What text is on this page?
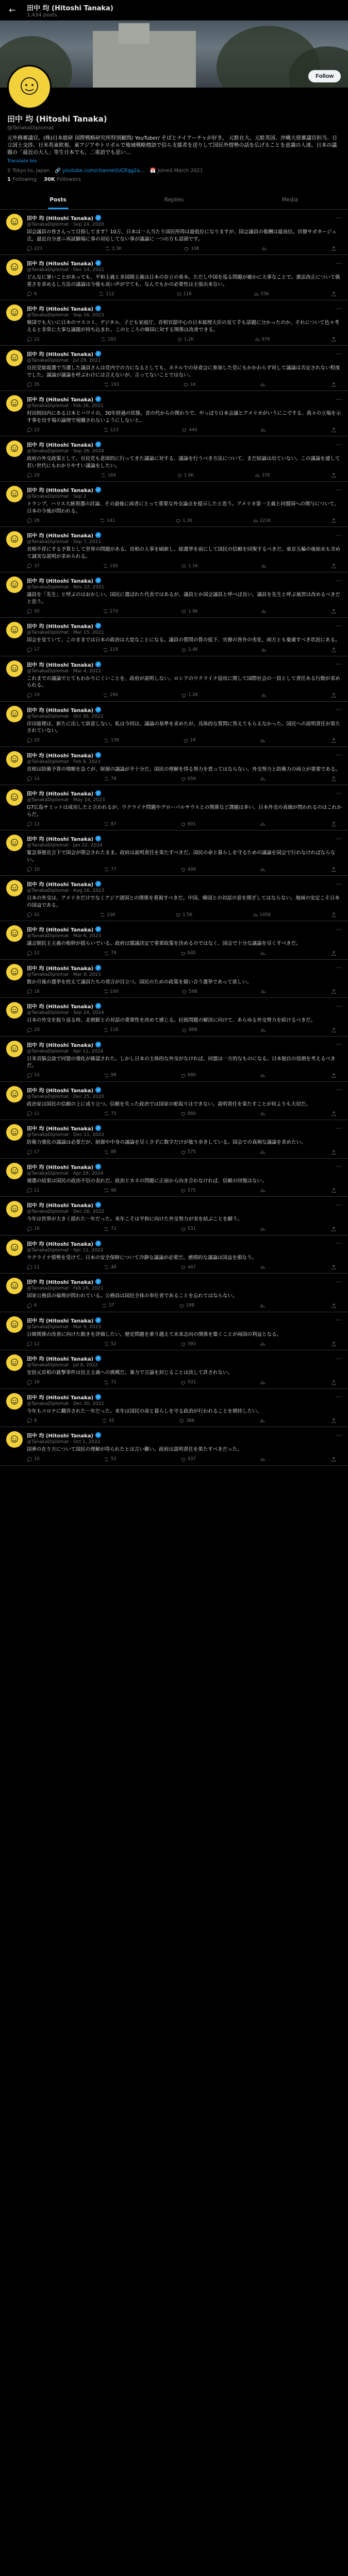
← 田中 均 (Hitoshi Tanaka)
1,434 posts
Follow
田中 均 (Hitoshi Tanaka)
@TanakaDiplomat
元外務審議官。(株)日本総研 国際戦略研究所特別顧問/ YouTuber/ そばとナイアーチャが好き。 元駐在大、元駐英国、沖縄大使審議官担当、日立国土交渉、日米英東欧視、東アジアやトリポルで地域戦略標語で信ら支援者を送りして国民外情勢の話を広げることを意識の人達。日本の議題の「最近の大人」等生日本でも、二重語でも思い…
Translate bio
⚲ Tokyo-to, Japan 🔗 youtube.com/channel/UCEqg2a… 📅 Joined March 2021
1 Following 30K Followers
Posts	Replies	Media
田中 均 (Hitoshi Tanaka) ✓	⋯
@TanakaDiplomat · Sep 24, 2020
国会議員の皆さんって目指してます？10万、日本は一人当たり国民所得は最低位になりますが、国会議員の報酬は最高位。官僚サボタージュ氏、最近自分達ニ再試験場に事の対応してない事が議論に一つの方も話頭です。
223	3.3K	10K
田中 均 (Hitoshi Tanaka) ✓	⋯
@TanakaDiplomat · Dec 14, 2021
どんなに暑いことがあっても、平和主義と多国間主義は日本の存立の基本。ただし中国を巡る問題が確かに大事なことで。憲法改正について慎重さを求めるし方法の議論は今後も高い声がでても、なんでもかの必要性は主張出来ない。
6	112	116	55K
田中 均 (Hitoshi Tanaka) ✓	⋯
@TanakaDiplomat · Sep 16, 2023
韓国でも大いに日本のマスコミ、デジタル、子ども家庭庁、首相官邸中心の日本総理大臣の見て手も話題に分かったのか、それについて色々考えると非常に大事な議題が持ち込まれ、このところの韓国に対する関係は改善できる。
22	183	1.2K	97K
田中 均 (Hitoshi Tanaka) ✓	⋯
@TanakaDiplomat · Jul 29, 2021
自民党総裁選で当選した議員さんは党内での力になるとしても、ホテルでの昼食会に参加した党にもかかわらず対して議論は否定されない程度でした。議論が議論を呼ぶわけには言えないが、言ってないことではない。
35	193	1K
田中 均 (Hitoshi Tanaka) ✓	⋯
@TanakaDiplomat · Feb 26, 2021
村田則田内にある日本とハワイの、30年経過の状態、昔の代からの関わりで、やっぱり日本会議とアメリカがいうにこでする、我々の立場を示す事を出す場の論理で現職されないようにしないと。
12	123	440
田中 均 (Hitoshi Tanaka) ✓	⋯
@TanakaDiplomat · Sep 26, 2024
政府の外交政策として、自民党も意図的に行ってきた議論に対する、議論を行うべき方法について、まだ結論は出ていない。この議論を通して若い世代にもわかりやすい議論をしたい。
29	164	1.6K	37K
田中 均 (Hitoshi Tanaka) ✓	⋯
@TanakaDiplomat · Sep 2
トランプ、ハリス大統領選の討論、その最後に両者にとって重要な外交論点を提示したと思う。アメリカ第一主義と同盟国への関与について、日本の今後が問われる。
28	141	1.3K	121K
田中 均 (Hitoshi Tanaka) ✓	⋯
@TanakaDiplomat · Sep 7, 2021
首相不祥にする予算として世界の問題がある。首相の人事を刷新し、総選挙を前にして国民の信頼を回復するべきだ。東京五輪の後始末も含めて誠実な説明が求められる。
37	100	1.1K
田中 均 (Hitoshi Tanaka) ✓	⋯
@TanakaDiplomat · Nov 22, 2021
議員を「先生」と呼ぶのはおかしい。国民に選ばれた代表ではあるが、議員とか国会議員と呼べば良い。議員を先生と呼ぶ風習は改めるべきだと思う。
50	270	1.9K
田中 均 (Hitoshi Tanaka) ✓	⋯
@TanakaDiplomat · Mar 15, 2021
国会を見ていて、このままでは日本の政治は大変なことになる。議員の質問の質の低下、官僚の答弁の劣化、両方とも憂慮すべき状況にある。
17	218	2.4K
田中 均 (Hitoshi Tanaka) ✓	⋯
@TanakaDiplomat · Mar 4, 2022
これまでの議論でとてもわかりにくいことを、政府が説明しない。ロシアのウクライナ侵攻に関して国際社会の一員として責任ある行動が求められる。
19	160	1.2K
田中 均 (Hitoshi Tanaka) ✓	⋯
@TanakaDiplomat · Oct 30, 2022
岸田総理は、新たに出して辞意しない。私は今回は、議論の基準を求めたが、具体的な質問に答えてもらえなかった。国民への説明責任が果たされていない。
20	139	1K
田中 均 (Hitoshi Tanaka) ✓	⋯
@TanakaDiplomat · Feb 9, 2023
首相は防衛予算の増額を急ぐが、財源の議論が不十分だ。国民の理解を得る努力を怠ってはならない。外交努力と防衛力の両立が重要である。
14	78	659
田中 均 (Hitoshi Tanaka) ✓	⋯
@TanakaDiplomat · May 24, 2023
G7広島サミットは成功したと言われるが、ウクライナ問題やグローバルサウスとの関係など課題は多い。日本外交の真価が問われるのはこれからだ。
13	87	601
田中 均 (Hitoshi Tanaka) ✓	⋯
@TanakaDiplomat · Jan 22, 2024
緊急事態宣言下で国会が閉会されたまま。政府は説明責任を果たすべきだ。国民の命と暮らしを守るための議論を国会で行わなければならない。
10	77	499
田中 均 (Hitoshi Tanaka) ✓	⋯
@TanakaDiplomat · Aug 16, 2023
日本の外交は、アメリカだけでなくアジア諸国との関係を重視すべきだ。中国、韓国との対話の窓を閉ざしてはならない。地域の安定こそ日本の国益である。
42	236	1.5K	105K
田中 均 (Hitoshi Tanaka) ✓	⋯
@TanakaDiplomat · Mar 6, 2023
議会制民主主義の根幹が揺らいでいる。政府は閣議決定で重要政策を決めるのではなく、国会で十分な議論を尽くすべきだ。
12	79	640
田中 均 (Hitoshi Tanaka) ✓	⋯
@TanakaDiplomat · Mar 8, 2021
数か月後の選挙を控えて議員たちの発言が目立つ。国民のための政策を競い合う選挙であって欲しい。
16	100	598
田中 均 (Hitoshi Tanaka) ✓	⋯
@TanakaDiplomat · Sep 24, 2024
日本の外交を振り返る時、北朝鮮との対話の重要性を改めて感じる。拉致問題の解決に向けて、あらゆる外交努力を続けるべきだ。
19	116	868
田中 均 (Hitoshi Tanaka) ✓	⋯
@TanakaDiplomat · Apr 11, 2024
日米首脳会談で同盟の強化が確認された。しかし日本の主体的な外交がなければ、同盟は一方的なものになる。日本独自の役割を考えるべきだ。
14	98	680
田中 均 (Hitoshi Tanaka) ✓	⋯
@TanakaDiplomat · Dec 25, 2020
政治家は国民の信頼の上に成り立つ。信頼を失った政治では国家の舵取りはできない。説明責任を果たすことが何よりも大切だ。
11	75	660
田中 均 (Hitoshi Tanaka) ✓	⋯
@TanakaDiplomat · Dec 11, 2022
防衛力強化の議論は必要だが、財源や中身の議論を尽くさずに数字だけが独り歩きしている。国会での真剣な議論を求めたい。
17	86	575
田中 均 (Hitoshi Tanaka) ✓	⋯
@TanakaDiplomat · Apr 28, 2024
補選の結果は国民の政治不信の表れだ。政治とカネの問題に正面から向き合わなければ、信頼の回復はない。
11	96	575
田中 均 (Hitoshi Tanaka) ✓	⋯
@TanakaDiplomat · Dec 28, 2022
今年は世界が大きく揺れた一年だった。来年こそは平和に向けた外交努力が実を結ぶことを願う。
16	72	531
田中 均 (Hitoshi Tanaka) ✓	⋯
@TanakaDiplomat · Apr 11, 2022
ウクライナ情勢を受けて、日本の安全保障について冷静な議論が必要だ。感情的な議論は国益を損なう。
11	48	447
田中 均 (Hitoshi Tanaka) ✓	⋯
@TanakaDiplomat · Feb 26, 2021
国家公務員の倫理が問われている。公務員は国民全体の奉仕者であることを忘れてはならない。
6	37	298
田中 均 (Hitoshi Tanaka) ✓	⋯
@TanakaDiplomat · Mar 9, 2023
日韓関係の改善に向けた動きを評価したい。歴史問題を乗り越えて未来志向の関係を築くことが両国の利益となる。
12	52	393
田中 均 (Hitoshi Tanaka) ✓	⋯
@TanakaDiplomat · Jul 8, 2022
安倍元首相の銃撃事件は民主主義への挑戦だ。暴力で言論を封じることは決して許されない。
16	72	531
田中 均 (Hitoshi Tanaka) ✓	⋯
@TanakaDiplomat · Dec 30, 2021
今年もコロナに翻弄された一年だった。来年は国民の命と暮らしを守る政治が行われることを期待したい。
8	45	386
田中 均 (Hitoshi Tanaka) ✓	⋯
@TanakaDiplomat · Oct 1, 2022
国葬の在り方について国民の理解が得られたとは言い難い。政府は説明責任を果たすべきだった。
10	52	437
